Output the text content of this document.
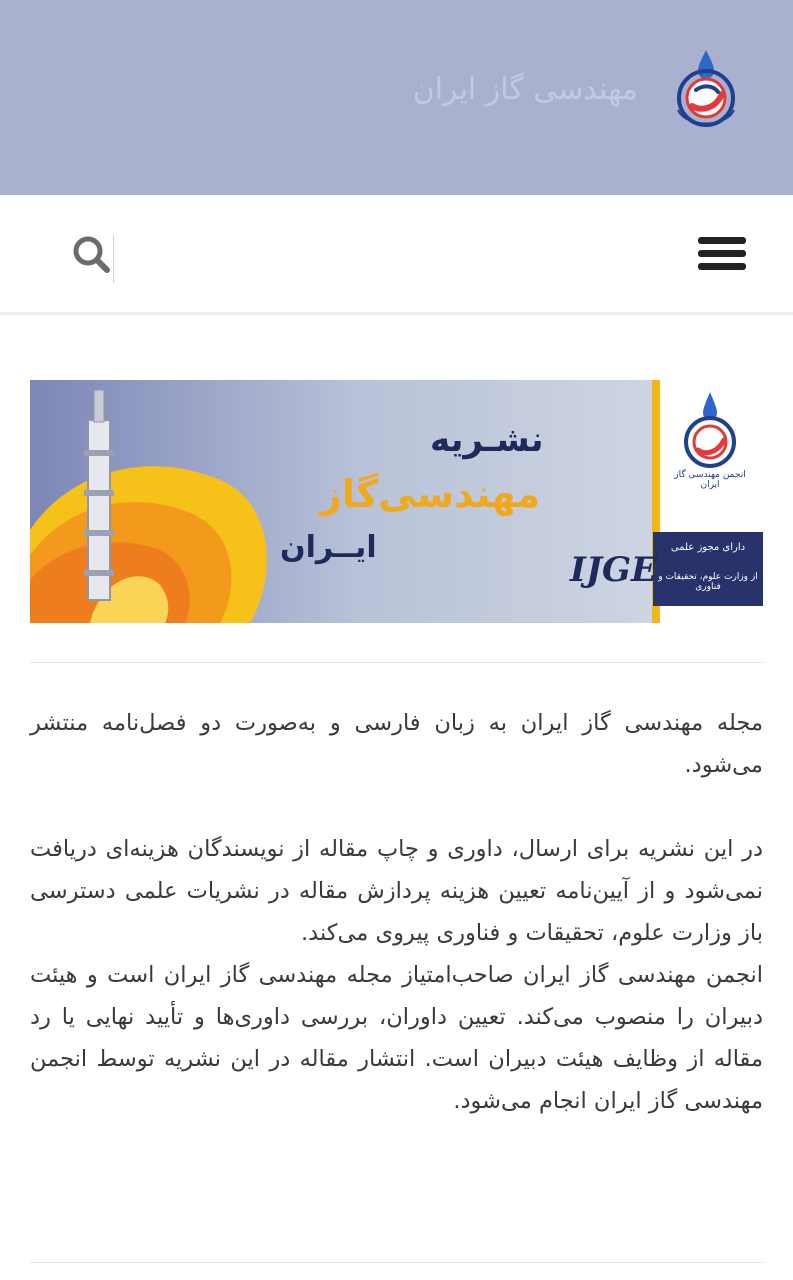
مهندسی گاز ایران
نشـریه
مهندسی‌گاز
ایــران
IJGE
انجمن مهندسی گاز ایران
دارای مجوز علمی
از وزارت علوم، تحقیقات و فناوری

مجله مهندسی گاز ایران به زبان فارسی و به‌صورت دو فصل‌نامه منتشر می‌شود.

در این نشریه برای ارسال، داوری و چاپ مقاله از نویسندگان هزینه‌ای دریافت نمی‌شود و از آیین‌نامه تعیین هزینه پردازش مقاله در نشریات علمی دسترسی باز وزارت علوم، تحقیقات و فناوری پیروی می‌کند.

انجمن مهندسی گاز ایران صاحب‌امتیاز مجله مهندسی گاز ایران است و هیئت دبیران را منصوب می‌کند. تعیین داوران، بررسی داوری‌ها و تأیید نهایی یا رد مقاله از وظایف هیئت دبیران است. انتشار مقاله در این نشریه توسط انجمن مهندسی گاز ایران انجام می‌شود.
